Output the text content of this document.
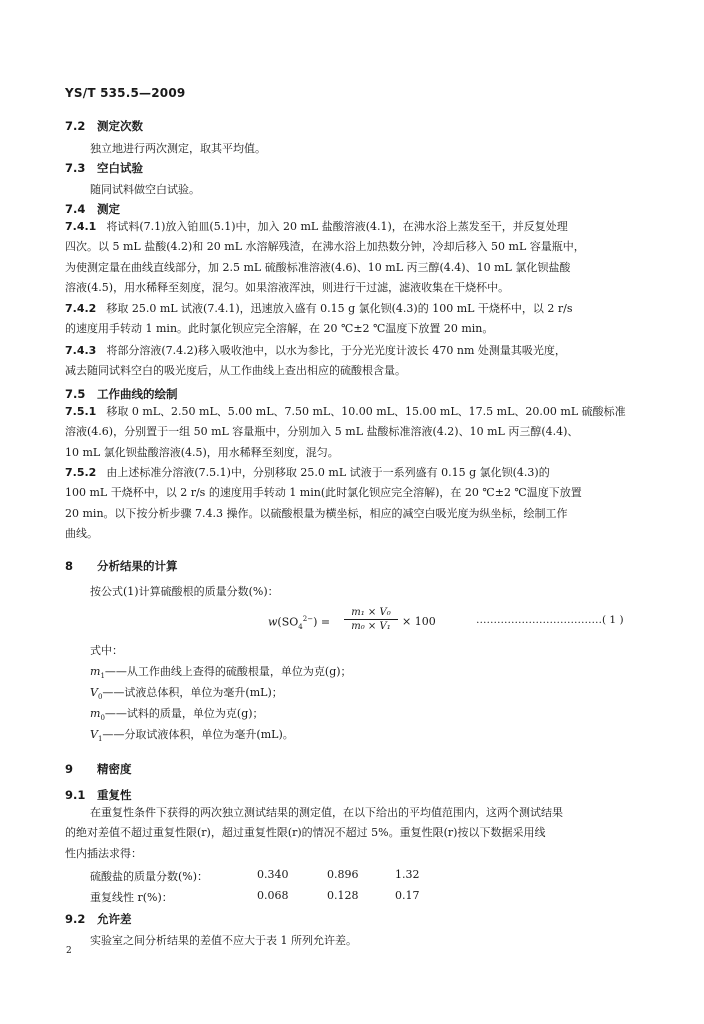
YS/T 535.5—2009
7.2 测定次数
独立地进行两次测定，取其平均值。
7.3 空白试验
随同试料做空白试验。
7.4 测定
7.4.1 将试料(7.1)放入铂皿(5.1)中，加入 20 mL 盐酸溶液(4.1)，在沸水浴上蒸发至干，并反复处理
四次。以 5 mL 盐酸(4.2)和 20 mL 水溶解残渣，在沸水浴上加热数分钟，冷却后移入 50 mL 容量瓶中，
为使测定量在曲线直线部分，加 2.5 mL 硫酸标准溶液(4.6)、10 mL 丙三醇(4.4)、10 mL 氯化钡盐酸
溶液(4.5)，用水稀释至刻度，混匀。如果溶液浑浊，则进行干过滤，滤液收集在干烧杯中。
7.4.2 移取 25.0 mL 试液(7.4.1)，迅速放入盛有 0.15 g 氯化钡(4.3)的 100 mL 干烧杯中，以 2 r/s
的速度用手转动 1 min。此时氯化钡应完全溶解，在 20 ℃±2 ℃温度下放置 20 min。
7.4.3 将部分溶液(7.4.2)移入吸收池中，以水为参比，于分光光度计波长 470 nm 处测量其吸光度，
减去随同试料空白的吸光度后，从工作曲线上查出相应的硫酸根含量。
7.5 工作曲线的绘制
7.5.1 移取 0 mL、2.50 mL、5.00 mL、7.50 mL、10.00 mL、15.00 mL、17.5 mL、20.00 mL 硫酸标准
溶液(4.6)，分别置于一组 50 mL 容量瓶中，分别加入 5 mL 盐酸标准溶液(4.2)、10 mL 丙三醇(4.4)、
10 mL 氯化钡盐酸溶液(4.5)，用水稀释至刻度，混匀。
7.5.2 由上述标准分溶液(7.5.1)中，分别移取 25.0 mL 试液于一系列盛有 0.15 g 氯化钡(4.3)的
100 mL 干烧杯中，以 2 r/s 的速度用手转动 1 min(此时氯化钡应完全溶解)，在 20 ℃±2 ℃温度下放置
20 min。以下按分析步骤 7.4.3 操作。以硫酸根量为横坐标，相应的减空白吸光度为纵坐标，绘制工作
曲线。
8 分析结果的计算
按公式(1)计算硫酸根的质量分数(%)：
$w(SO_4^{2-}) = \frac{\text{m₁ × V₀}}{\text{m₀ × V₁}} \times 100$	………………………………( 1 )
式中：
$m_1——$从工作曲线上查得的硫酸根量，单位为克(g)；
$V_0——$试液总体积，单位为毫升(mL)；
$m_0——$试料的质量，单位为克(g)；
$V_1——$分取试液体积，单位为毫升(mL)。
9 精密度
9.1 重复性
在重复性条件下获得的两次独立测试结果的测定值，在以下给出的平均值范围内，这两个测试结果
的绝对差值不超过重复性限(r)，超过重复性限(r)的情况不超过 5%。重复性限(r)按以下数据采用线
性内插法求得：
硫酸盐的质量分数(%)：	0.340	0.896	1.32
重复线性 r(%)：	0.068	0.128	0.17
9.2 允许差
实验室之间分析结果的差值不应大于表 1 所列允许差。
2
